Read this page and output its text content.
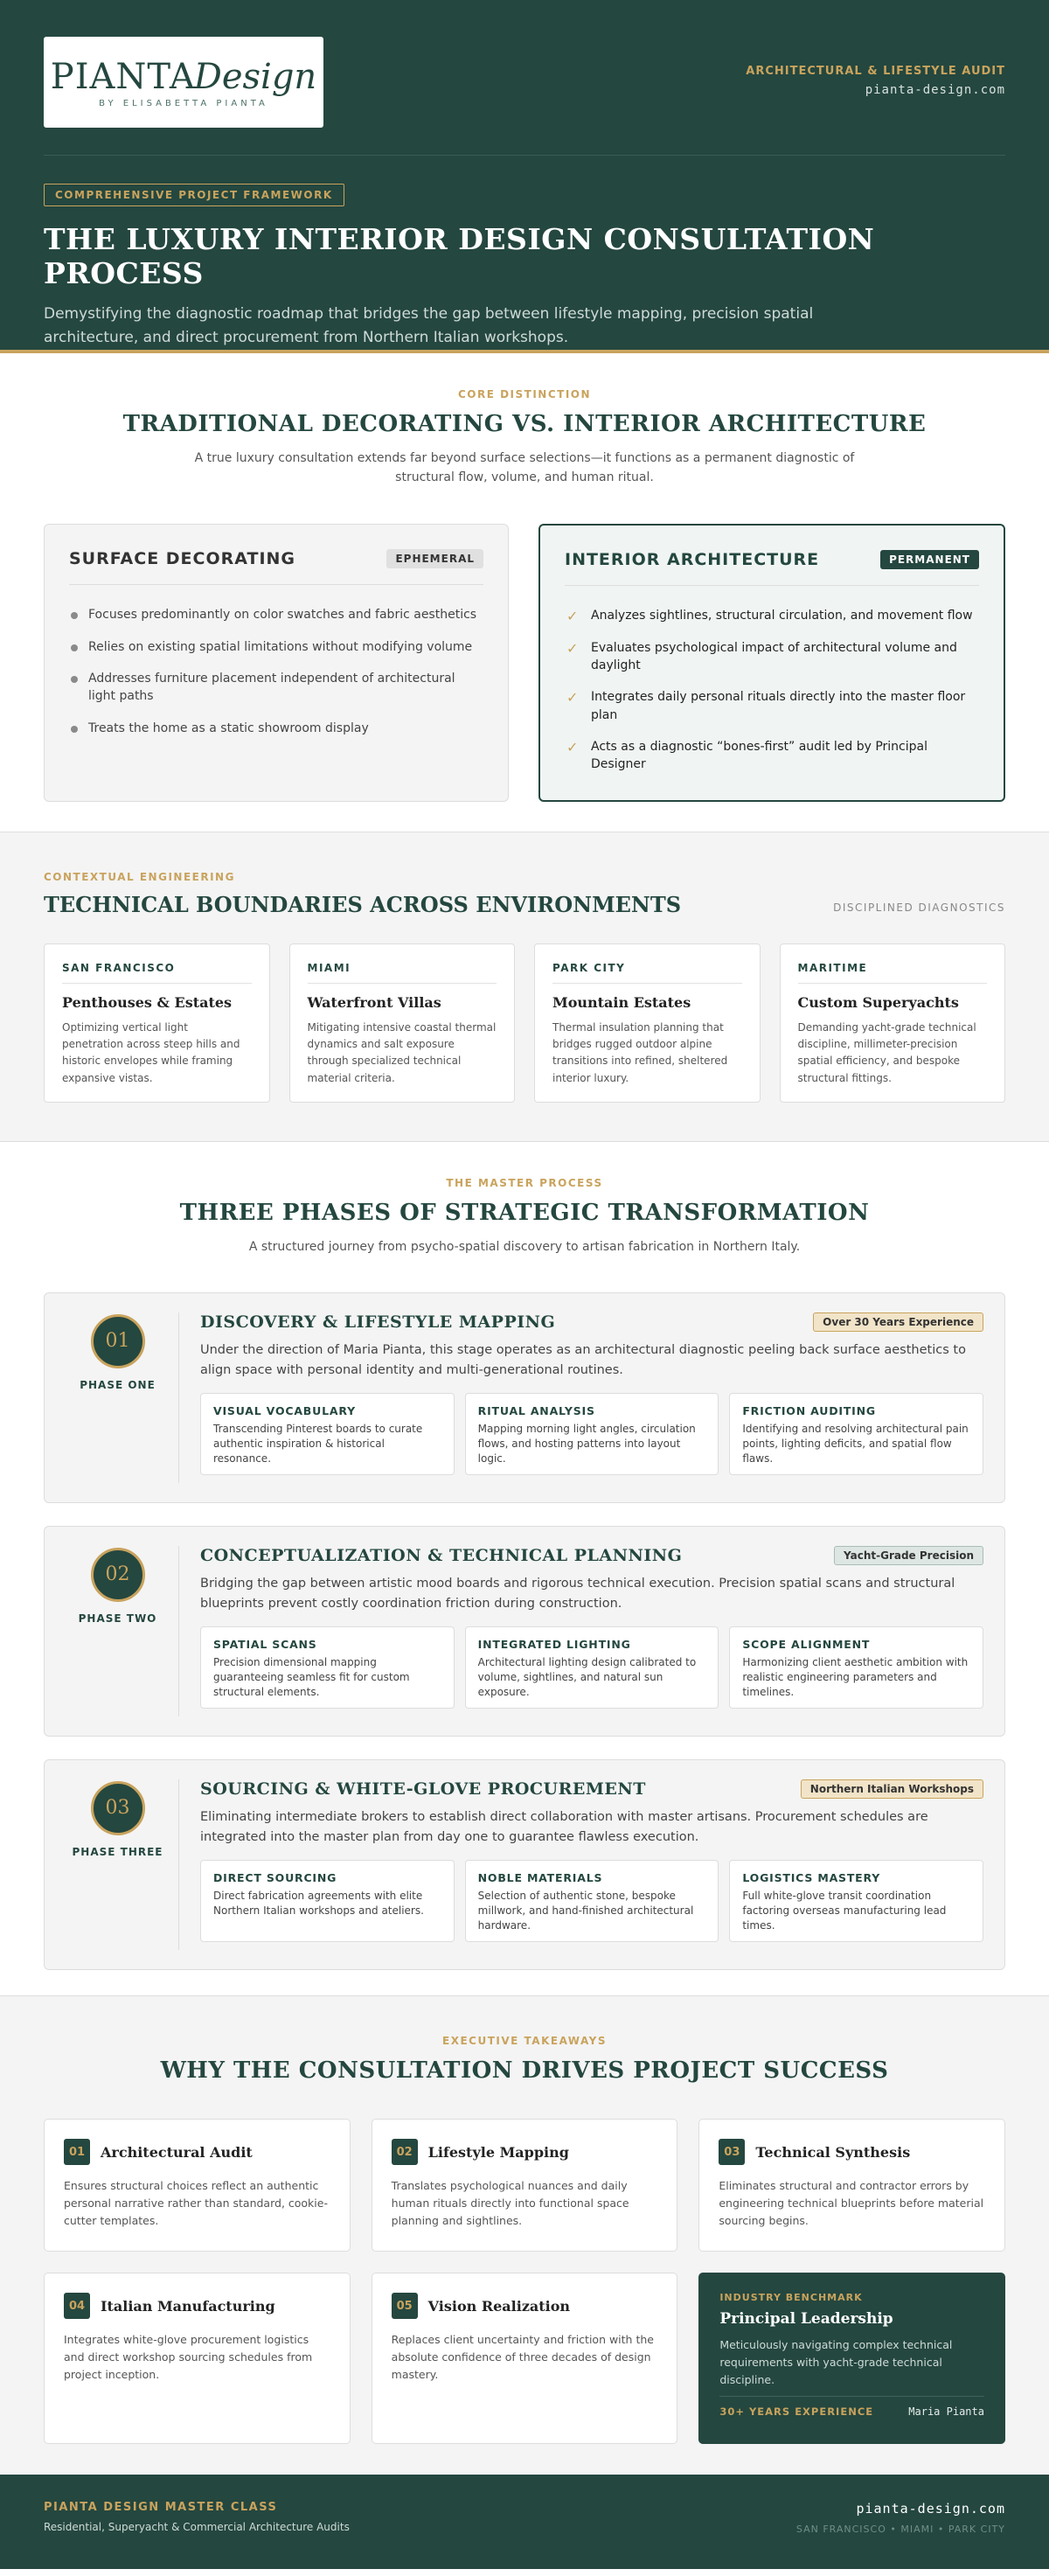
PIANTA
Design
BY ELISABETTA PIANTA
ARCHITECTURAL & LIFESTYLE AUDIT
pianta-design.com
COMPREHENSIVE PROJECT FRAMEWORK
THE LUXURY INTERIOR DESIGN CONSULTATION PROCESS

Demystifying the diagnostic roadmap that bridges the gap between lifestyle mapping, precision spatial architecture, and direct procurement from Northern Italian workshops.

CORE DISTINCTION
TRADITIONAL DECORATING VS. INTERIOR ARCHITECTURE

A true luxury consultation extends far beyond surface selections—it functions as a permanent diagnostic of structural flow, volume, and human ritual.

SURFACE DECORATING	EPHEMERAL
Focuses predominantly on color swatches and fabric aesthetics
Relies on existing spatial limitations without modifying volume
Addresses furniture placement independent of architectural light paths
Treats the home as a static showroom display
INTERIOR ARCHITECTURE	PERMANENT
✓ Analyzes sightlines, structural circulation, and movement flow
✓ Evaluates psychological impact of architectural volume and daylight
✓ Integrates daily personal rituals directly into the master floor plan
✓ Acts as a diagnostic “bones-first” audit led by Principal Designer
CONTEXTUAL ENGINEERING
TECHNICAL BOUNDARIES ACROSS ENVIRONMENTS	DISCIPLINED DIAGNOSTICS
SAN FRANCISCO
Penthouses & Estates
Optimizing vertical light penetration across steep hills and historic envelopes while framing expansive vistas.
MIAMI
Waterfront Villas
Mitigating intensive coastal thermal dynamics and salt exposure through specialized technical material criteria.
PARK CITY
Mountain Estates
Thermal insulation planning that bridges rugged outdoor alpine transitions into refined, sheltered interior luxury.
MARITIME
Custom Superyachts
Demanding yacht-grade technical discipline, millimeter-precision spatial efficiency, and bespoke structural fittings.
THE MASTER PROCESS
THREE PHASES OF STRATEGIC TRANSFORMATION

A structured journey from psycho-spatial discovery to artisan fabrication in Northern Italy.

01
PHASE ONE
DISCOVERY & LIFESTYLE MAPPING	Over 30 Years Experience

Under the direction of Maria Pianta, this stage operates as an architectural diagnostic peeling back surface aesthetics to align space with personal identity and multi-generational routines.

VISUAL VOCABULARY
Transcending Pinterest boards to curate authentic inspiration & historical resonance.
RITUAL ANALYSIS
Mapping morning light angles, circulation flows, and hosting patterns into layout logic.
FRICTION AUDITING
Identifying and resolving architectural pain points, lighting deficits, and spatial flow flaws.
02
PHASE TWO
CONCEPTUALIZATION & TECHNICAL PLANNING	Yacht-Grade Precision

Bridging the gap between artistic mood boards and rigorous technical execution. Precision spatial scans and structural blueprints prevent costly coordination friction during construction.

SPATIAL SCANS
Precision dimensional mapping guaranteeing seamless fit for custom structural elements.
INTEGRATED LIGHTING
Architectural lighting design calibrated to volume, sightlines, and natural sun exposure.
SCOPE ALIGNMENT
Harmonizing client aesthetic ambition with realistic engineering parameters and timelines.
03
PHASE THREE
SOURCING & WHITE-GLOVE PROCUREMENT	Northern Italian Workshops

Eliminating intermediate brokers to establish direct collaboration with master artisans. Procurement schedules are integrated into the master plan from day one to guarantee flawless execution.

DIRECT SOURCING
Direct fabrication agreements with elite Northern Italian workshops and ateliers.
NOBLE MATERIALS
Selection of authentic stone, bespoke millwork, and hand-finished architectural hardware.
LOGISTICS MASTERY
Full white-glove transit coordination factoring overseas manufacturing lead times.
EXECUTIVE TAKEAWAYS
WHY THE CONSULTATION DRIVES PROJECT SUCCESS
01	Architectural Audit

Ensures structural choices reflect an authentic personal narrative rather than standard, cookie-cutter templates.

02	Lifestyle Mapping

Translates psychological nuances and daily human rituals directly into functional space planning and sightlines.

03	Technical Synthesis

Eliminates structural and contractor errors by engineering technical blueprints before material sourcing begins.

04	Italian Manufacturing

Integrates white-glove procurement logistics and direct workshop sourcing schedules from project inception.

05	Vision Realization

Replaces client uncertainty and friction with the absolute confidence of three decades of design mastery.

INDUSTRY BENCHMARK
Principal Leadership
Meticulously navigating complex technical requirements with yacht-grade technical discipline.
30+ YEARS EXPERIENCE	Maria Pianta
PIANTA DESIGN MASTER CLASS
Residential, Superyacht & Commercial Architecture Audits
pianta-design.com
SAN FRANCISCO • MIAMI • PARK CITY
